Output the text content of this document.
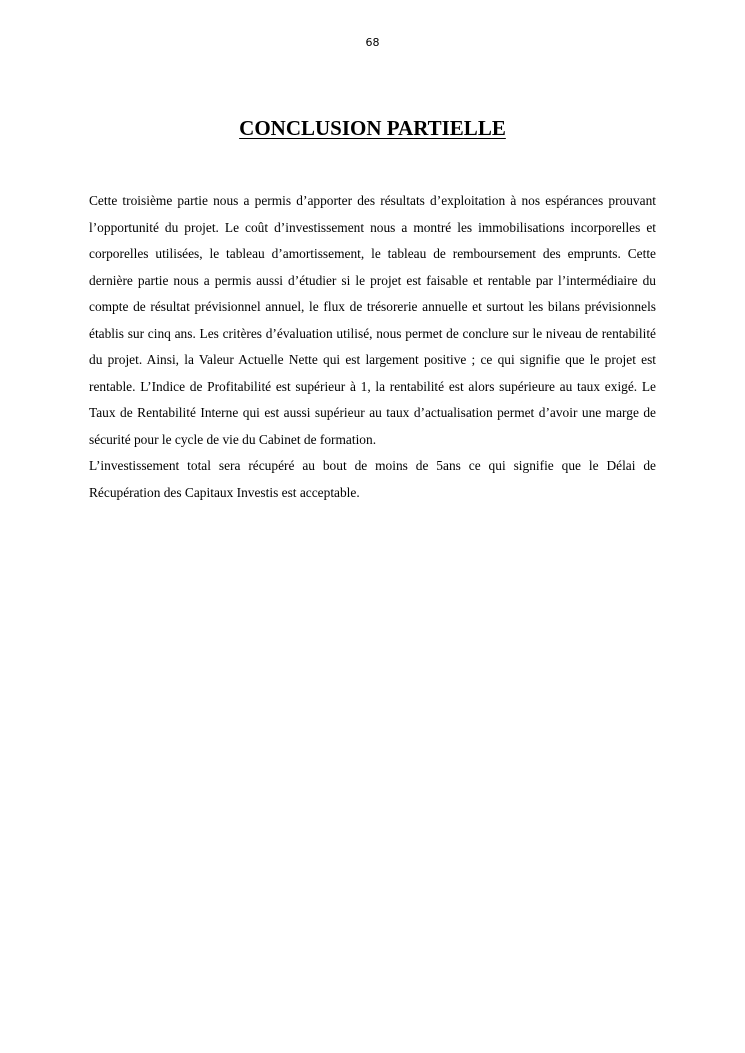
68
CONCLUSION PARTIELLE

Cette troisième partie nous a permis d’apporter des résultats d’exploitation à nos espérances prouvant l’opportunité du projet. Le coût d’investissement nous a montré les immobilisations incorporelles et corporelles utilisées, le tableau d’amortissement, le tableau de remboursement des emprunts. Cette dernière partie nous a permis aussi d’étudier si le projet est faisable et rentable par l’intermédiaire du compte de résultat prévisionnel annuel, le flux de trésorerie annuelle et surtout les bilans prévisionnels établis sur cinq ans. Les critères d’évaluation utilisé, nous permet de conclure sur le niveau de rentabilité du projet. Ainsi, la Valeur Actuelle Nette qui est largement positive ; ce qui signifie que le projet est rentable. L’Indice de Profitabilité est supérieur à 1, la rentabilité est alors supérieure au taux exigé. Le Taux de Rentabilité Interne qui est aussi supérieur au taux d’actualisation permet d’avoir une marge de sécurité pour le cycle de vie du Cabinet de formation.

L’investissement total sera récupéré au bout de moins de 5ans ce qui signifie que le Délai de Récupération des Capitaux Investis est acceptable.
